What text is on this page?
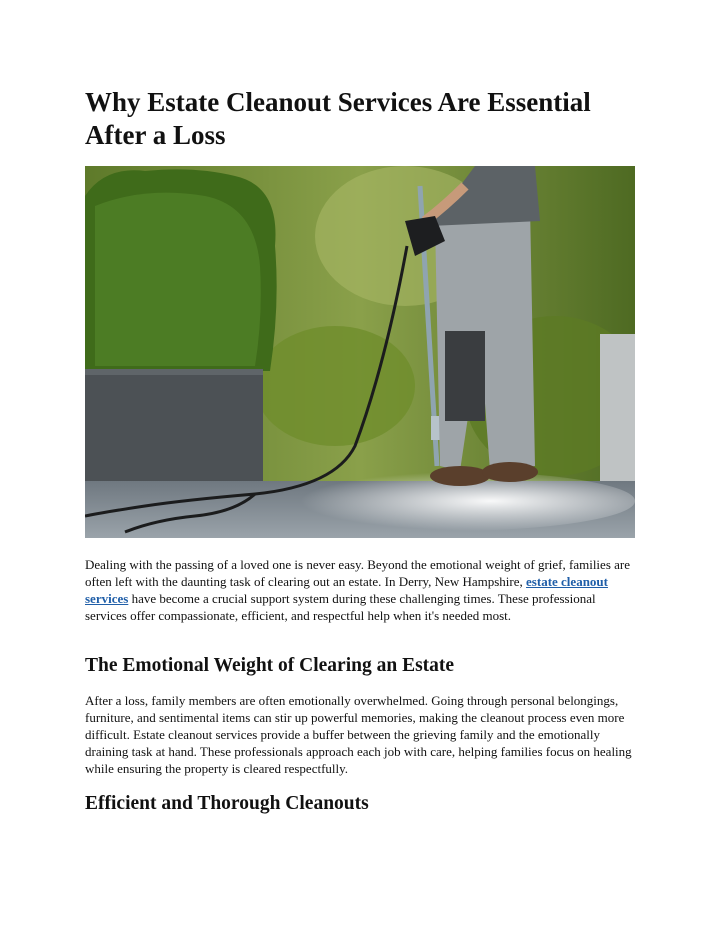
Why Estate Cleanout Services Are Essential After a Loss

Dealing with the passing of a loved one is never easy. Beyond the emotional weight of grief, families are often left with the daunting task of clearing out an estate. In Derry, New Hampshire, estate cleanout services have become a crucial support system during these challenging times. These professional services offer compassionate, efficient, and respectful help when it's needed most.

The Emotional Weight of Clearing an Estate

After a loss, family members are often emotionally overwhelmed. Going through personal belongings, furniture, and sentimental items can stir up powerful memories, making the cleanout process even more difficult. Estate cleanout services provide a buffer between the grieving family and the emotionally draining task at hand. These professionals approach each job with care, helping families focus on healing while ensuring the property is cleared respectfully.

Efficient and Thorough Cleanouts
